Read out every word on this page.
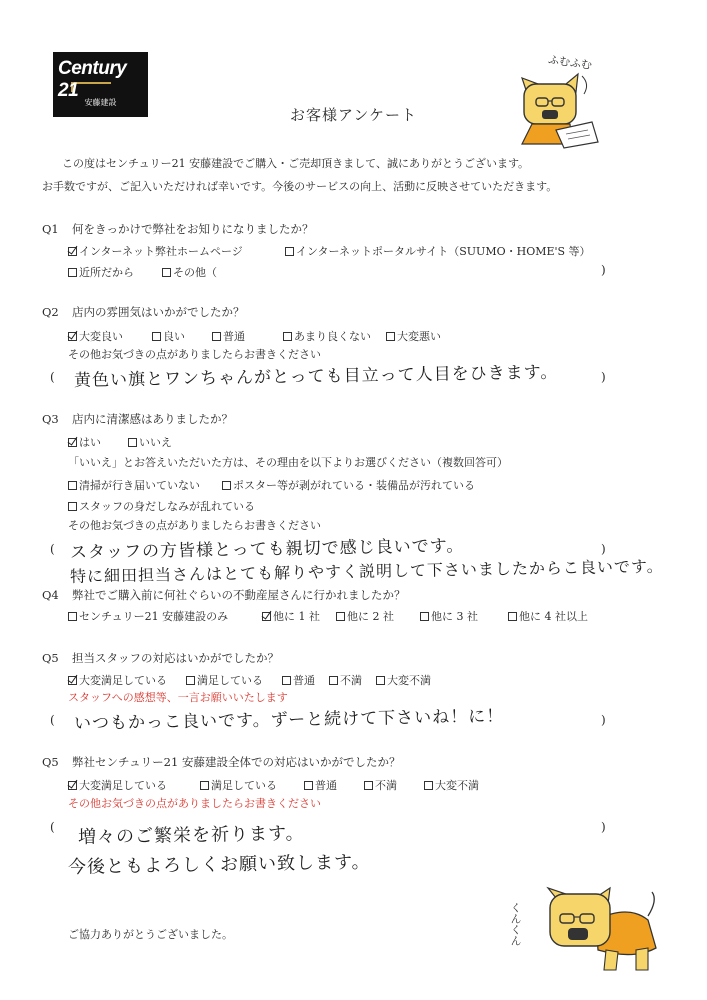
Century 21
安藤建設
お客様アンケート
ふむふむ
この度はセンチュリー21 安藤建設でご購入・ご売却頂きまして、誠にありがとうございます。
お手数ですが、ご記入いただければ幸いです。今後のサービスの向上、活動に反映させていただきます。
Q1 何をきっかけで弊社をお知りになりましたか？
インターネット弊社ホームページ	インターネットポータルサイト（SUUMO・HOME'S 等）
近所だから	その他（	)
Q2 店内の雰囲気はいかがでしたか？
大変良い	良い	普通	あまり良くない 大変悪い
その他お気づきの点がありましたらお書きください
( 黄色い旗とワンちゃんがとっても目立って人目をひきます。	)
Q3 店内に清潔感はありましたか？
はい	いいえ
「いいえ」とお答えいただいた方は、その理由を以下よりお選びください（複数回答可）
清掃が行き届いていない	ポスター等が剥がれている・装備品が汚れている
スタッフの身だしなみが乱れている
その他お気づきの点がありましたらお書きください
( スタッフの方皆様とっても親切で感じ良いです。
特に細田担当さんはとても解りやすく説明して下さいましたからこ良いです。
)
Q4 弊社でご購入前に何社ぐらいの不動産屋さんに行かれましたか？
センチュリー21 安藤建設のみ	他に 1 社 他に 2 社	他に 3 社	他に 4 社以上
Q5 担当スタッフの対応はいかがでしたか？
大変満足している	満足している	普通 不満 大変不満
スタッフへの感想等、一言お願いいたします
( いつもかっこ良いです。ずーと続けて下さいね！に！	)
Q5 弊社センチュリー21 安藤建設全体での対応はいかがでしたか？
大変満足している	満足している	普通	不満	大変不満
その他お気づきの点がありましたらお書きください
( 増々のご繁栄を祈ります。
今後ともよろしくお願い致します。
)
ご協力ありがとうございました。	くんくん
